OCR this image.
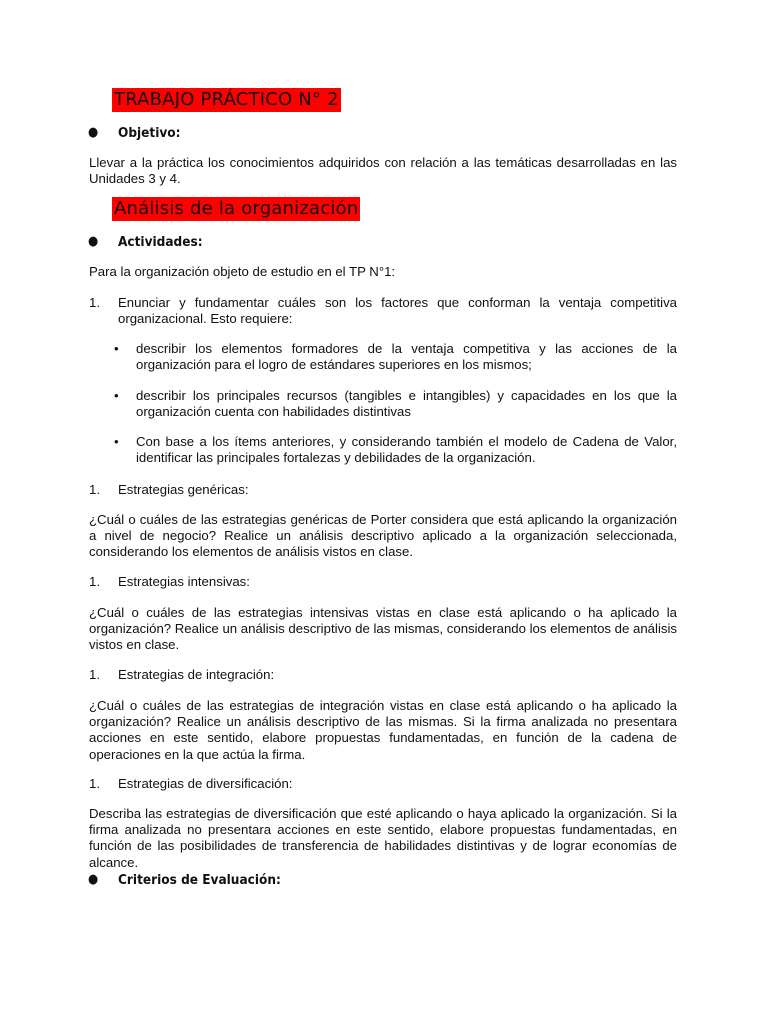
TRABAJO PRÁCTICO N° 2
● Objetivo:

Llevar a la práctica los conocimientos adquiridos con relación a las temáticas desarrolladas en las Unidades 3 y 4.

Análisis de la organización
● Actividades:

Para la organización objeto de estudio en el TP N°1:

1. Enunciar y fundamentar cuáles son los factores que conforman la ventaja competitiva organizacional. Esto requiere:
• describir los elementos formadores de la ventaja competitiva y las acciones de la organización para el logro de estándares superiores en los mismos;
• describir los principales recursos (tangibles e intangibles) y capacidades en los que la organización cuenta con habilidades distintivas
• Con base a los ítems anteriores, y considerando también el modelo de Cadena de Valor, identificar las principales fortalezas y debilidades de la organización.
1. Estrategias genéricas:

¿Cuál o cuáles de las estrategias genéricas de Porter considera que está aplicando la organización a nivel de negocio? Realice un análisis descriptivo aplicado a la organización seleccionada, considerando los elementos de análisis vistos en clase.

1. Estrategias intensivas:

¿Cuál o cuáles de las estrategias intensivas vistas en clase está aplicando o ha aplicado la organización? Realice un análisis descriptivo de las mismas, considerando los elementos de análisis vistos en clase.

1. Estrategias de integración:

¿Cuál o cuáles de las estrategias de integración vistas en clase está aplicando o ha aplicado la organización? Realice un análisis descriptivo de las mismas. Si la firma analizada no presentara acciones en este sentido, elabore propuestas fundamentadas, en función de la cadena de operaciones en la que actúa la firma.

1. Estrategias de diversificación:

Describa las estrategias de diversificación que esté aplicando o haya aplicado la organización. Si la firma analizada no presentara acciones en este sentido, elabore propuestas fundamentadas, en función de las posibilidades de transferencia de habilidades distintivas y de lograr economías de alcance.

● Criterios de Evaluación:
